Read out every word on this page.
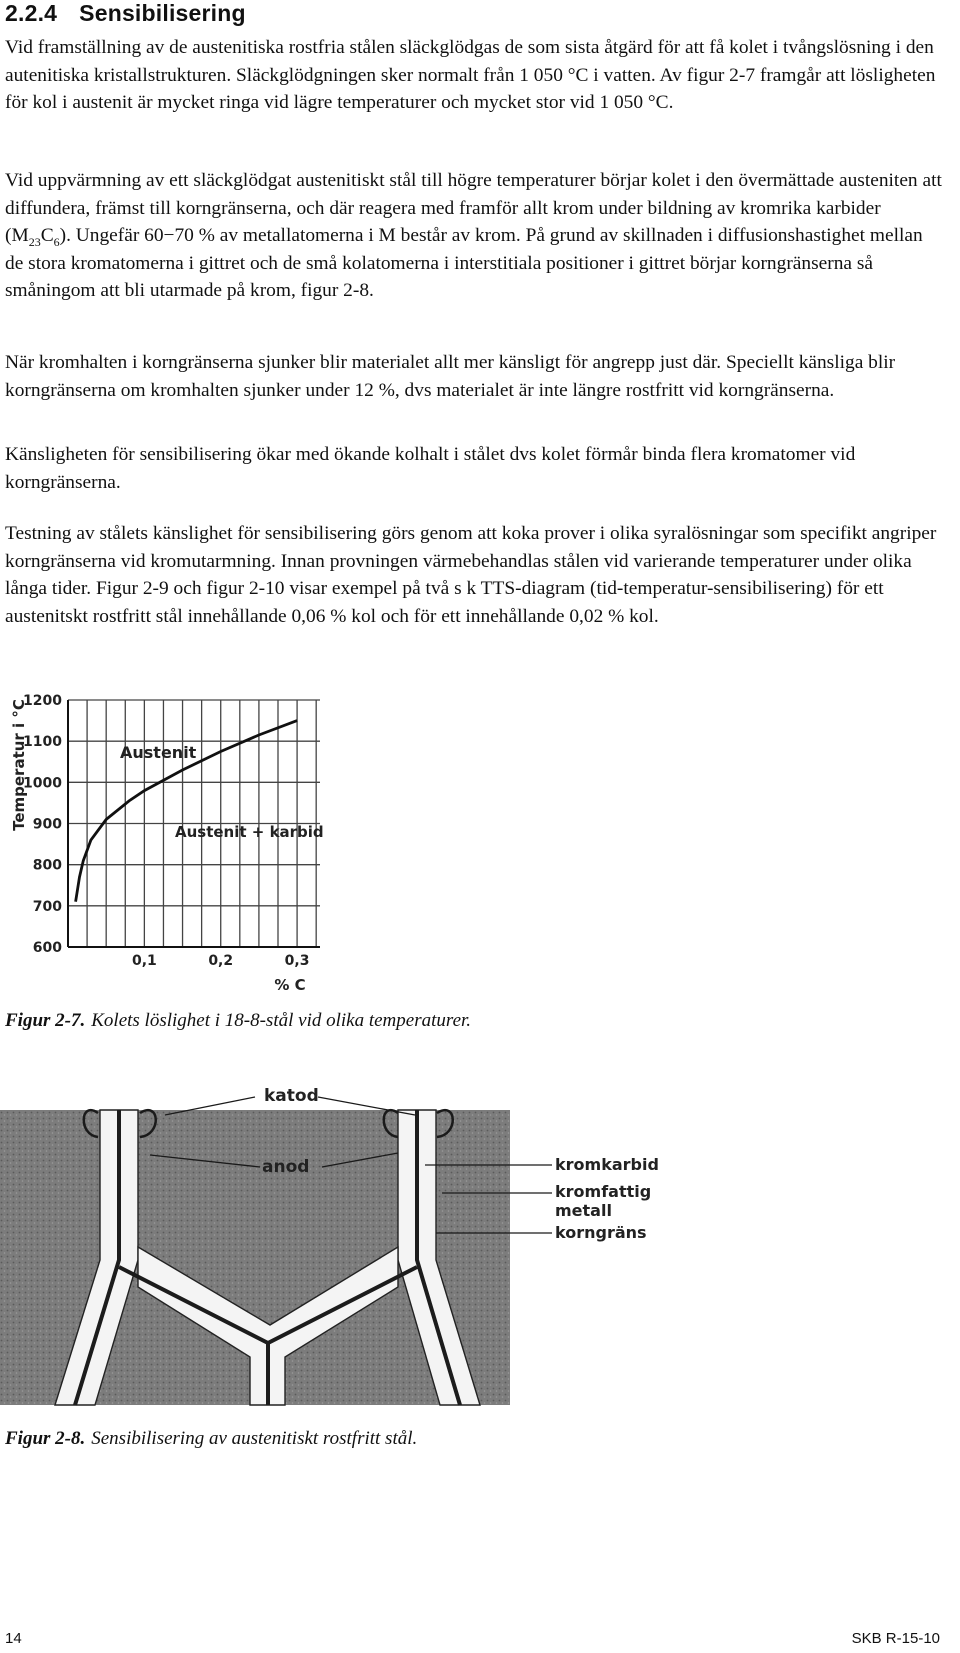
2.2.4 Sensibilisering

Vid framställning av de austenitiska rostfria stålen släckglödgas de som sista åtgärd för att få kolet i tvångslösning i den autenitiska kristallstrukturen. Släckglödgningen sker normalt från 1 050 °C i vatten. Av figur 2-7 framgår att lösligheten för kol i austenit är mycket ringa vid lägre temperaturer och mycket stor vid 1 050 °C.

Vid uppvärmning av ett släckglödgat austenitiskt stål till högre temperaturer börjar kolet i den övermättade austeniten att diffundera, främst till korngränserna, och där reagera med framför allt krom under bildning av kromrika karbider $(M_{23}C_6)$. Ungefär 60−70 % av metallatomerna i M består av krom. På grund av skillnaden i diffusionshastighet mellan de stora kromatomerna i gittret och de små kolatomerna i interstitiala positioner i gittret börjar korngränserna så småningom att bli utarmade på krom, figur 2-8.

När kromhalten i korngränserna sjunker blir materialet allt mer känsligt för angrepp just där. Speciellt känsliga blir korngränserna om kromhalten sjunker under 12 %, dvs materialet är inte längre rostfritt vid korngränserna.

Känsligheten för sensibilisering ökar med ökande kolhalt i stålet dvs kolet förmår binda flera kromatomer vid korngränserna.

Testning av stålets känslighet för sensibilisering görs genom att koka prover i olika syralösningar som specifikt angriper korngränserna vid kromutarmning. Innan provningen värmebehandlas stålen vid varierande temperaturer under olika långa tider. Figur 2-9 och figur 2-10 visar exempel på två s k TTS-diagram (tid-temperatur-sensibilisering) för ett austenitskt rostfritt stål innehållande 0,06 % kol och för ett innehållande 0,02 % kol.

600
700
800
900
1000
1100
1200
0,1	0,2	0,3
Temperatur i °C
% C
Austenit
Austenit + karbid
Figur 2-7. Kolets löslighet i 18-8-stål vid olika temperaturer.
katod
anod	kromkarbid
kromfattig
metall
korngräns
Figur 2-8. Sensibilisering av austenitiskt rostfritt stål.
14	SKB R-15-10
